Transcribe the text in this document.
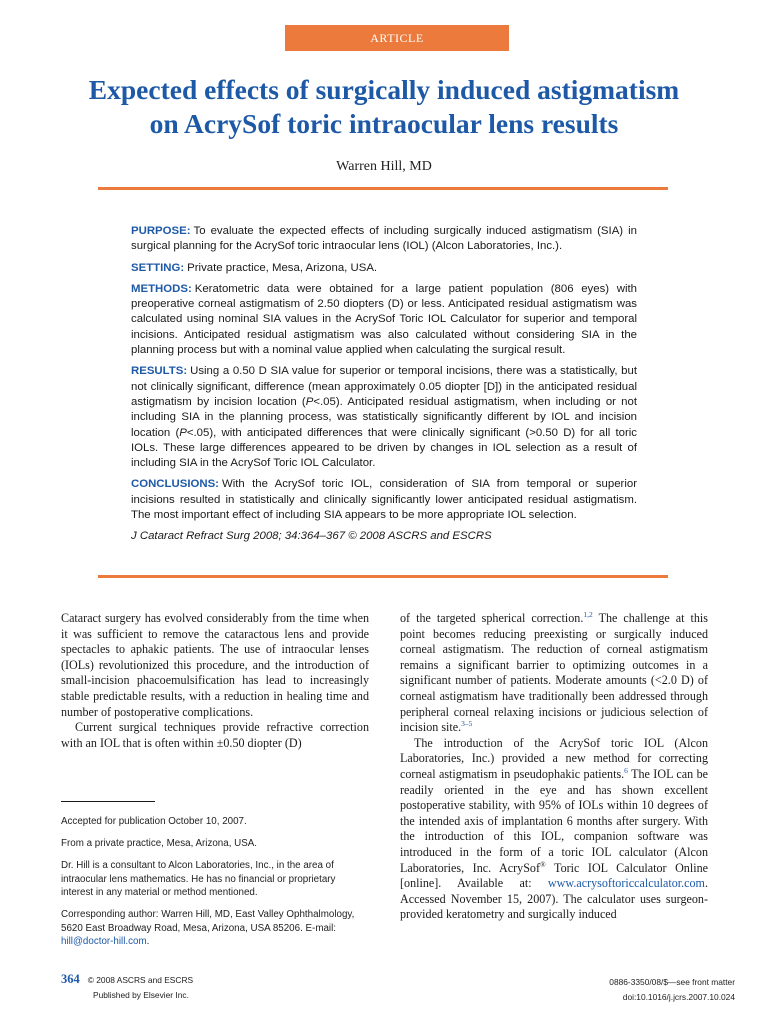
ARTICLE
Expected effects of surgically induced astigmatism
on AcrySof toric intraocular lens results
Warren Hill, MD

PURPOSE: To evaluate the expected effects of including surgically induced astigmatism (SIA) in surgical planning for the AcrySof toric intraocular lens (IOL) (Alcon Laboratories, Inc.).

SETTING: Private practice, Mesa, Arizona, USA.

METHODS: Keratometric data were obtained for a large patient population (806 eyes) with preoperative corneal astigmatism of 2.50 diopters (D) or less. Anticipated residual astigmatism was calculated using nominal SIA values in the AcrySof Toric IOL Calculator for superior and temporal incisions. Anticipated residual astigmatism was also calculated without considering SIA in the planning process but with a nominal value applied when calculating the surgical result.

RESULTS: Using a 0.50 D SIA value for superior or temporal incisions, there was a statistically, but not clinically significant, difference (mean approximately 0.05 diopter [D]) in the anticipated residual astigmatism by incision location (P<.05). Anticipated residual astigmatism, when including or not including SIA in the planning process, was statistically significantly different by IOL and incision location (P<.05), with anticipated differences that were clinically significant (>0.50 D) for all toric IOLs. These large differences appeared to be driven by changes in IOL selection as a result of including SIA in the AcrySof Toric IOL Calculator.

CONCLUSIONS: With the AcrySof toric IOL, consideration of SIA from temporal or superior incisions resulted in statistically and clinically significantly lower anticipated residual astigmatism. The most important effect of including SIA appears to be more appropriate IOL selection.

J Cataract Refract Surg 2008; 34:364–367 © 2008 ASCRS and ESCRS

Cataract surgery has evolved considerably from the time when it was sufficient to remove the cataractous lens and provide spectacles to aphakic patients. The use of intraocular lenses (IOLs) revolutionized this procedure, and the introduction of small-incision phacoemulsification has lead to increasingly stable predictable results, with a reduction in healing time and number of postoperative complications.

Current surgical techniques provide refractive correction with an IOL that is often within ±0.50 diopter (D)

of the targeted spherical correction.$^{1,2}$ The challenge at this point becomes reducing preexisting or surgically induced corneal astigmatism. The reduction of corneal astigmatism remains a significant barrier to optimizing outcomes in a significant number of patients. Moderate amounts (<2.0 D) of corneal astigmatism have traditionally been addressed through peripheral corneal relaxing incisions or judicious selection of incision site.$^{3-5}$

The introduction of the AcrySof toric IOL (Alcon Laboratories, Inc.) provided a new method for correcting corneal astigmatism in pseudophakic patients.$^6$ The IOL can be readily oriented in the eye and has shown excellent postoperative stability, with 95% of IOLs within 10 degrees of the intended axis of implantation 6 months after surgery. With the introduction of this IOL, companion software was introduced in the form of a toric IOL calculator (Alcon Laboratories, Inc. AcrySof® Toric IOL Calculator Online [online]. Available at: www.acrysoftoriccalculator.com. Accessed November 15, 2007). The calculator uses surgeon-provided keratometry and surgically induced

Accepted for publication October 10, 2007.

From a private practice, Mesa, Arizona, USA.

Dr. Hill is a consultant to Alcon Laboratories, Inc., in the area of intraocular lens mathematics. He has no financial or proprietary interest in any material or method mentioned.

Corresponding author: Warren Hill, MD, East Valley Ophthalmology, 5620 East Broadway Road, Mesa, Arizona, USA 85206. E-mail: hill@doctor-hill.com.

364 © 2008 ASCRS and ESCRS
Published by Elsevier Inc.
0886-3350/08/$—see front matter
doi:10.1016/j.jcrs.2007.10.024
